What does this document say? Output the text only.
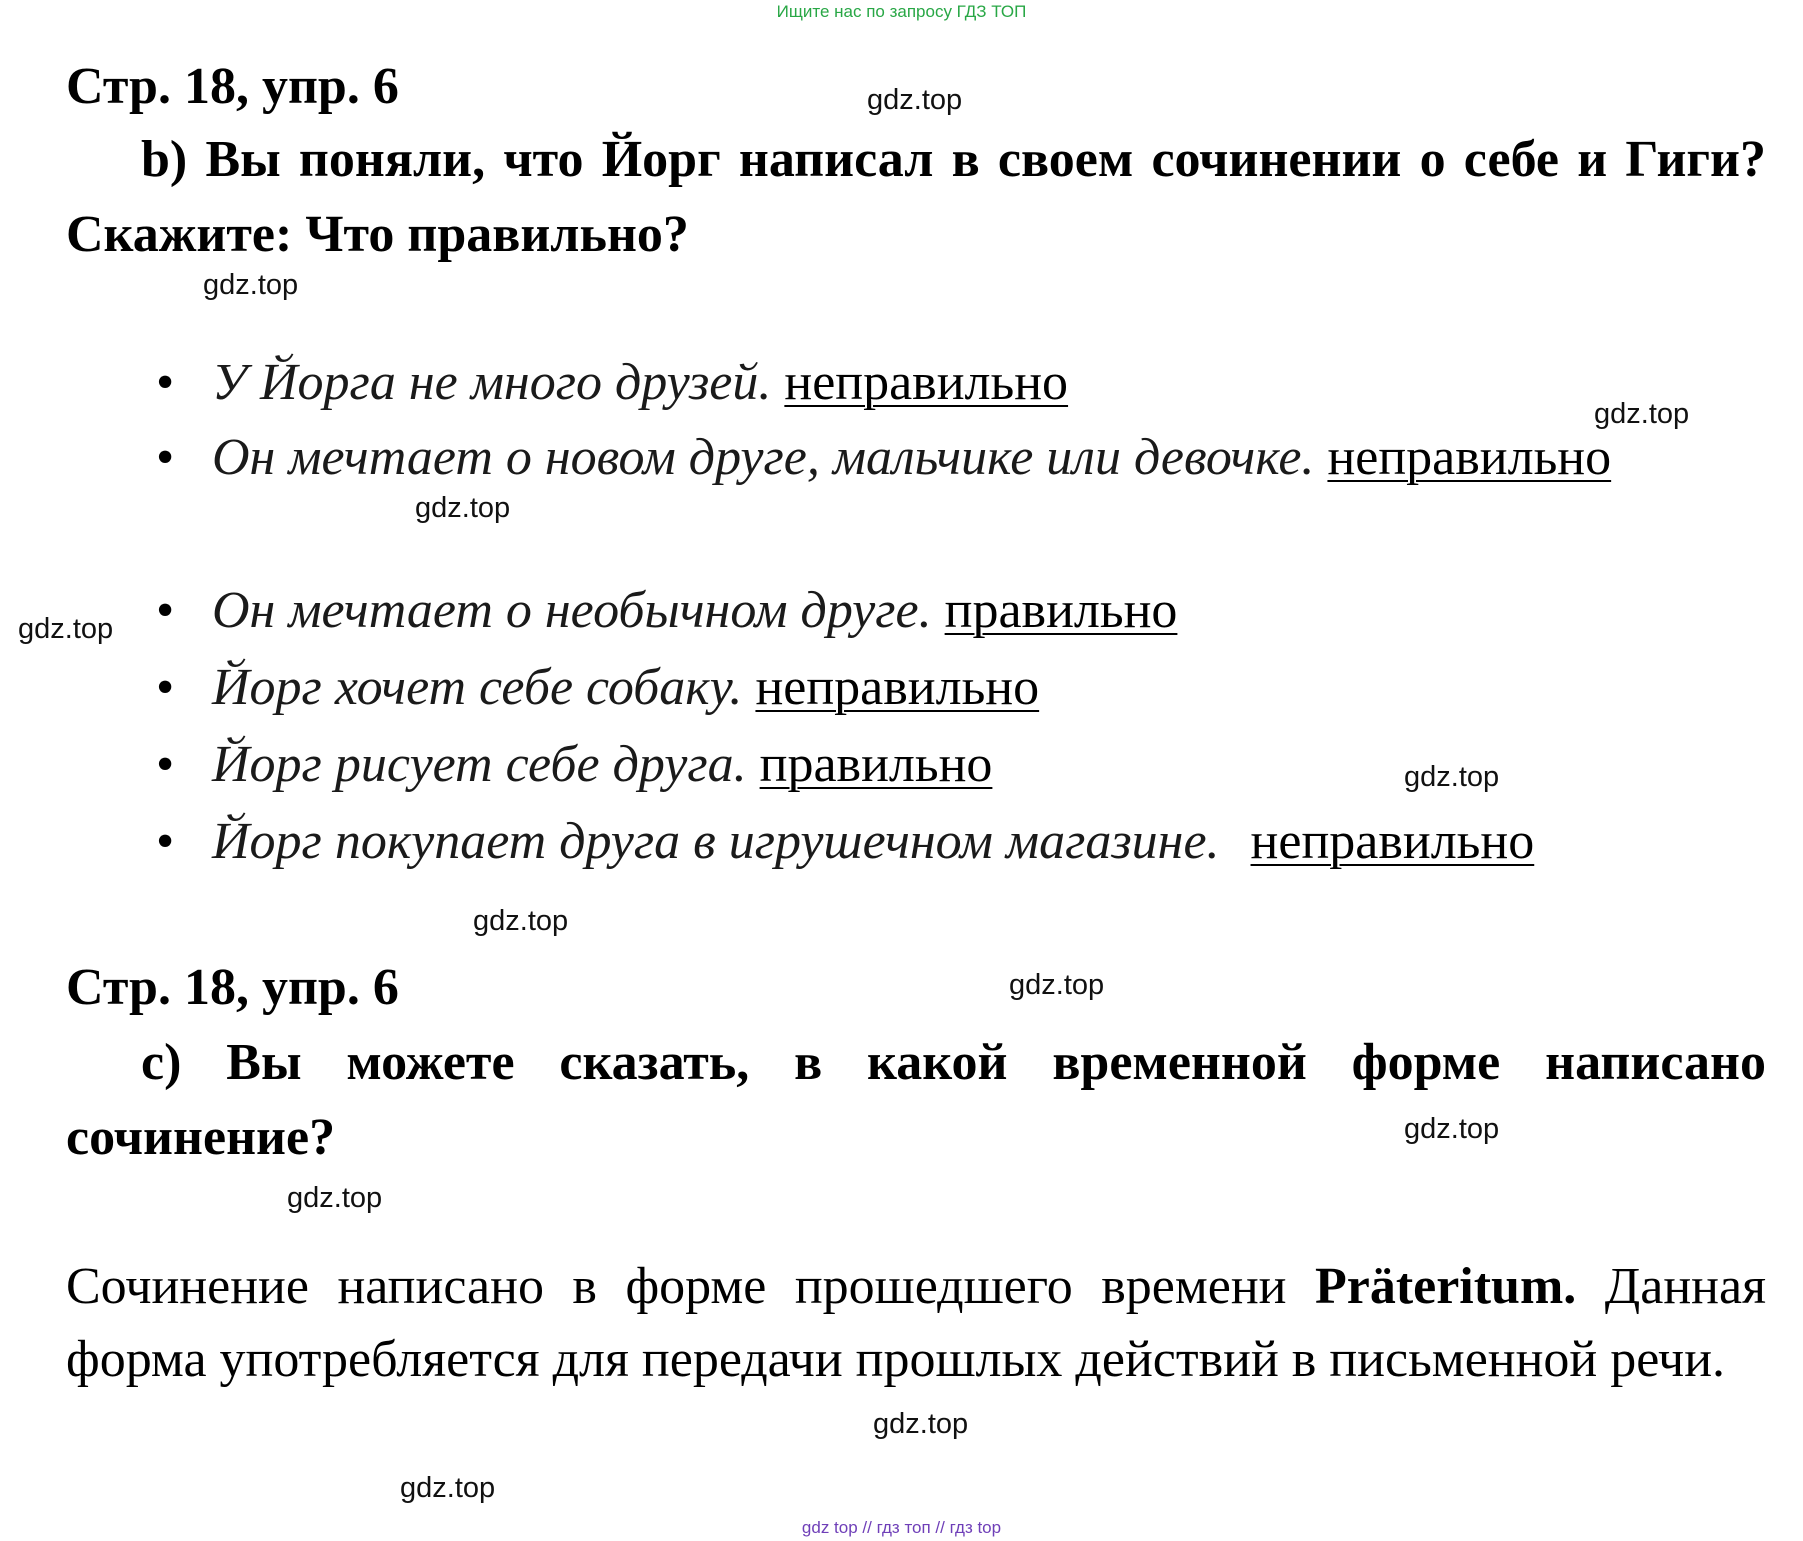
Ищите нас по запросу ГДЗ ТОП
Стр. 18, упр. 6
b) Вы поняли, что Йорг написал в своем сочинении о себе и Гиги? Скажите: Что правильно?
• У Йорга не много друзей. неправильно
• Он мечтает о новом друге, мальчике или девочке. неправильно
• Он мечтает о необычном друге. правильно
• Йорг хочет себе собаку. неправильно
• Йорг рисует себе друга. правильно
• Йорг покупает друга в игрушечном магазине. неправильно
Стр. 18, упр. 6
c) Вы можете сказать, в какой временной форме написано сочинение?
Сочинение написано в форме прошедшего времени Präteritum. Данная форма употребляется для передачи прошлых действий в письменной речи.
gdz.top
gdz.top
gdz.top
gdz.top
gdz.top
gdz.top
gdz.top
gdz.top
gdz.top
gdz.top
gdz.top
gdz.top
gdz top // гдз топ // гдз top
